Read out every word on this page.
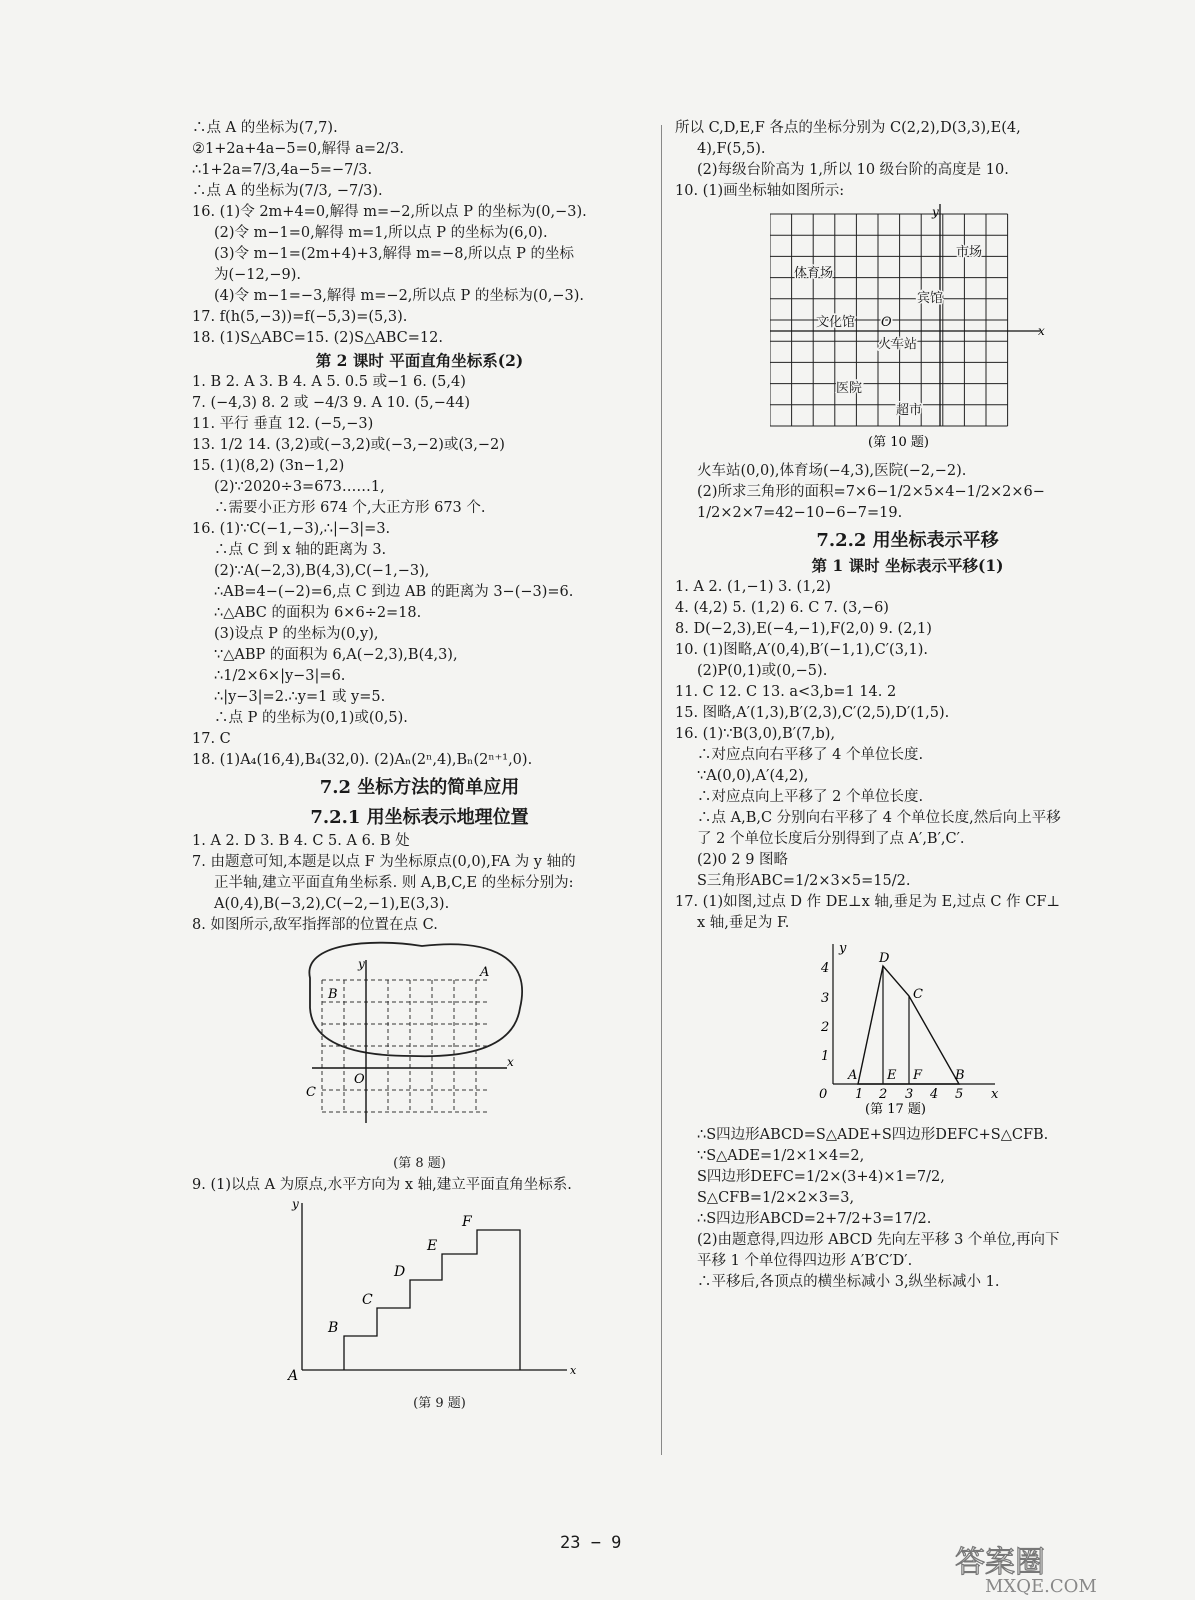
∴点 A 的坐标为(7,7).
②1+2a+4a−5=0,解得 a=2/3.
∴1+2a=7/3,4a−5=−7/3.
∴点 A 的坐标为(7/3, −7/3).
16. (1)令 2m+4=0,解得 m=−2,所以点 P 的坐标为(0,−3).
(2)令 m−1=0,解得 m=1,所以点 P 的坐标为(6,0).
(3)令 m−1=(2m+4)+3,解得 m=−8,所以点 P 的坐标
为(−12,−9).
(4)令 m−1=−3,解得 m=−2,所以点 P 的坐标为(0,−3).
17. f(h(5,−3))=f(−5,3)=(5,3).
18. (1)S△ABC=15. (2)S△ABC=12.
第 2 课时 平面直角坐标系(2)
1. B 2. A 3. B 4. A 5. 0.5 或−1 6. (5,4)
7. (−4,3) 8. 2 或 −4/3 9. A 10. (5,−44)
11. 平行 垂直 12. (−5,−3)
13. 1/2 14. (3,2)或(−3,2)或(−3,−2)或(3,−2)
15. (1)(8,2) (3n−1,2)
(2)∵2020÷3=673……1,
∴需要小正方形 674 个,大正方形 673 个.
16. (1)∵C(−1,−3),∴|−3|=3.
∴点 C 到 x 轴的距离为 3.
(2)∵A(−2,3),B(4,3),C(−1,−3),
∴AB=4−(−2)=6,点 C 到边 AB 的距离为 3−(−3)=6.
∴△ABC 的面积为 6×6÷2=18.
(3)设点 P 的坐标为(0,y),
∵△ABP 的面积为 6,A(−2,3),B(4,3),
∴1/2×6×|y−3|=6.
∴|y−3|=2.∴y=1 或 y=5.
∴点 P 的坐标为(0,1)或(0,5).
17. C
18. (1)A₄(16,4),B₄(32,0). (2)Aₙ(2ⁿ,4),Bₙ(2ⁿ⁺¹,0).
7.2 坐标方法的简单应用
7.2.1 用坐标表示地理位置
1. A 2. D 3. B 4. C 5. A 6. B 处
7. 由题意可知,本题是以点 F 为坐标原点(0,0),FA 为 y 轴的
正半轴,建立平面直角坐标系. 则 A,B,C,E 的坐标分别为:
A(0,4),B(−3,2),C(−2,−1),E(3,3).
8. 如图所示,敌军指挥部的位置在点 C.
x
y
O
A
B
C
(第 8 题)
9. (1)以点 A 为原点,水平方向为 x 轴,建立平面直角坐标系.
x
y
A
B
C
D
E
F
(第 9 题)
所以 C,D,E,F 各点的坐标分别为 C(2,2),D(3,3),E(4,
4),F(5,5).
(2)每级台阶高为 1,所以 10 级台阶的高度是 10.
10. (1)画坐标轴如图所示:
y
x
市场
体育场
宾馆
文化馆 O
火车站
医院
超市
(第 10 题)
火车站(0,0),体育场(−4,3),医院(−2,−2).
(2)所求三角形的面积=7×6−1/2×5×4−1/2×2×6−
1/2×2×7=42−10−6−7=19.
7.2.2 用坐标表示平移
第 1 课时 坐标表示平移(1)
1. A 2. (1,−1) 3. (1,2)
4. (4,2) 5. (1,2) 6. C 7. (3,−6)
8. D(−2,3),E(−4,−1),F(2,0) 9. (2,1)
10. (1)图略,A′(0,4),B′(−1,1),C′(3,1).
(2)P(0,1)或(0,−5).
11. C 12. C 13. a<3,b=1 14. 2
15. 图略,A′(1,3),B′(2,3),C′(2,5),D′(1,5).
16. (1)∵B(3,0),B′(7,b),
∴对应点向右平移了 4 个单位长度.
∵A(0,0),A′(4,2),
∴对应点向上平移了 2 个单位长度.
∴点 A,B,C 分别向右平移了 4 个单位长度,然后向上平移
了 2 个单位长度后分别得到了点 A′,B′,C′.
(2)0 2 9 图略
S三角形ABC=1/2×3×5=15/2.
17. (1)如图,过点 D 作 DE⊥x 轴,垂足为 E,过点 C 作 CF⊥
x 轴,垂足为 F.
x
y
0 1 2 3 4 5
1
2
3
4
A
D
C
E F	B
(第 17 题)
∴S四边形ABCD=S△ADE+S四边形DEFC+S△CFB.
∵S△ADE=1/2×1×4=2,
S四边形DEFC=1/2×(3+4)×1=7/2,
S△CFB=1/2×2×3=3,
∴S四边形ABCD=2+7/2+3=17/2.
(2)由题意得,四边形 ABCD 先向左平移 3 个单位,再向下
平移 1 个单位得四边形 A′B′C′D′.
∴平移后,各顶点的横坐标减小 3,纵坐标减小 1.
23 − 9
答案圈
MXQE.COM
